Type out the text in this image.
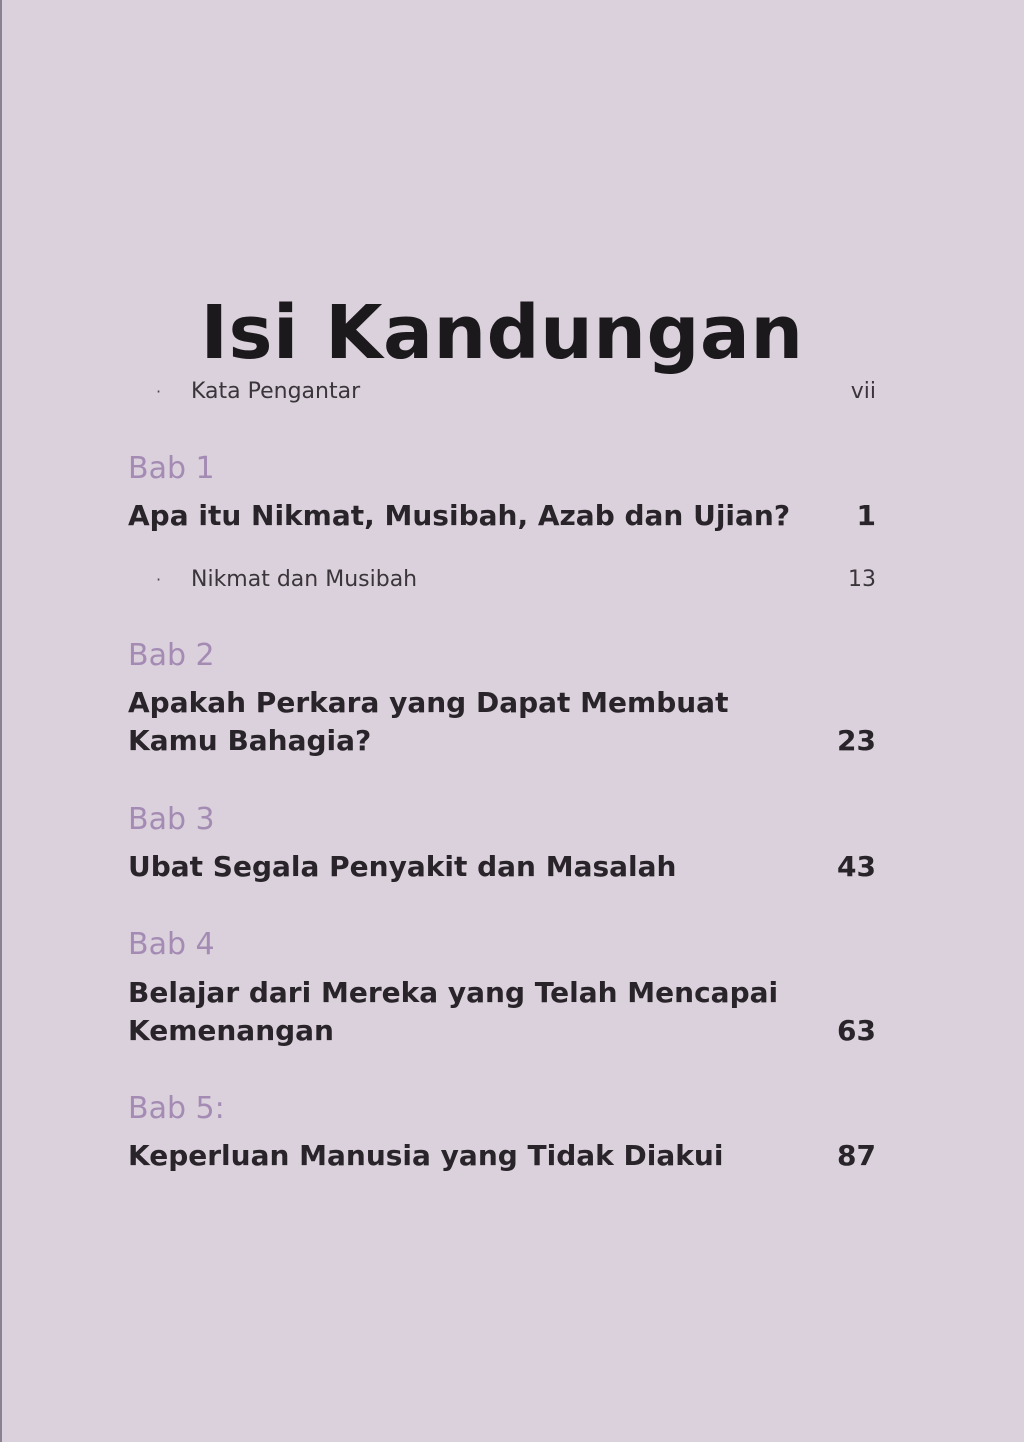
Isi Kandungan
· Kata Pengantar	vii
Bab 1
Apa itu Nikmat, Musibah, Azab dan Ujian?	1
· Nikmat dan Musibah	13
Bab 2
Apakah Perkara yang Dapat Membuat Kamu Bahagia?	23
Bab 3
Ubat Segala Penyakit dan Masalah	43
Bab 4
Belajar dari Mereka yang Telah Mencapai Kemenangan	63
Bab 5:
Keperluan Manusia yang Tidak Diakui	87
